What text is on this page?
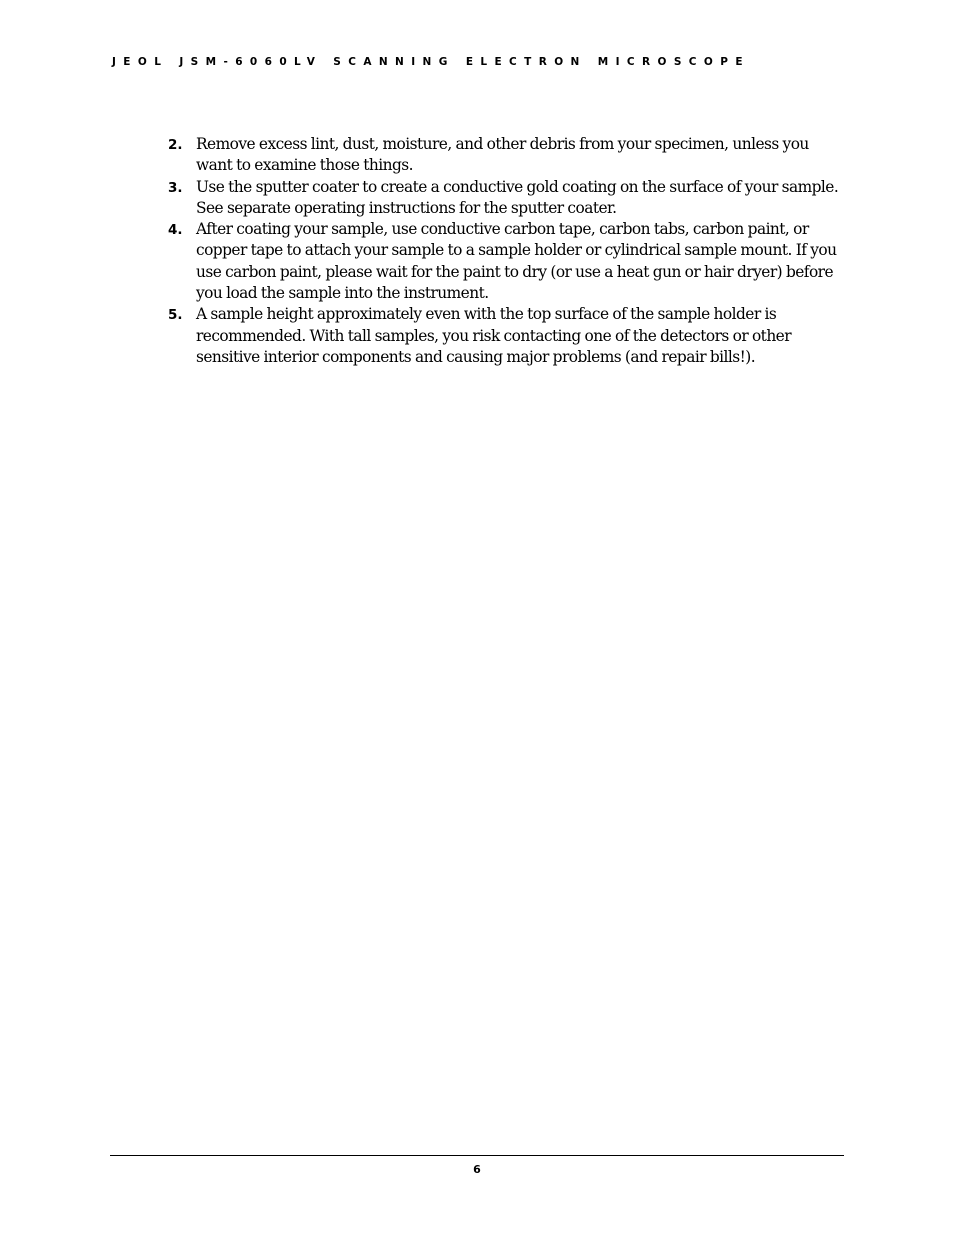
JEOL JSM-6060LV SCANNING ELECTRON MICROSCOPE
2. Remove excess lint, dust, moisture, and other debris from your specimen, unless you want to examine those things.
3. Use the sputter coater to create a conductive gold coating on the surface of your sample. See separate operating instructions for the sputter coater.
4. After coating your sample, use conductive carbon tape, carbon tabs, carbon paint, or copper tape to attach your sample to a sample holder or cylindrical sample mount. If you use carbon paint, please wait for the paint to dry (or use a heat gun or hair dryer) before you load the sample into the instrument.
5. A sample height approximately even with the top surface of the sample holder is recommended. With tall samples, you risk contacting one of the detectors or other sensitive interior components and causing major problems (and repair bills!).
6
